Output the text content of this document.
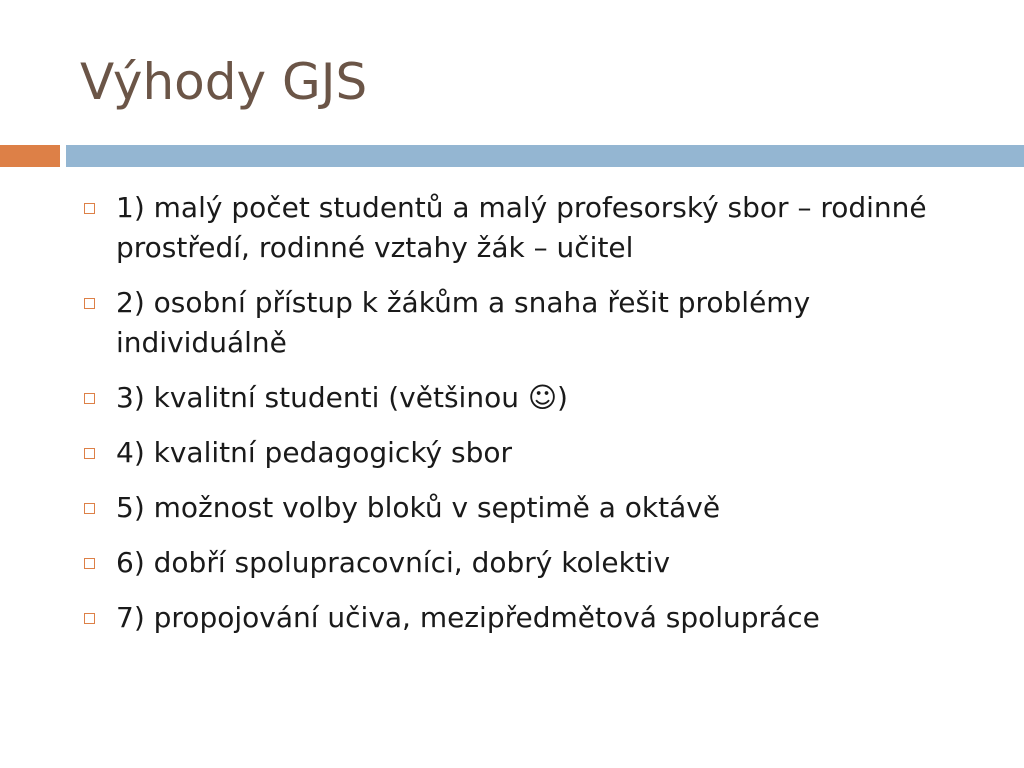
Výhody GJS
1) malý počet studentů a malý profesorský sbor – rodinné prostředí, rodinné vztahy žák – učitel
2) osobní přístup k žákům a snaha řešit problémy individuálně
3) kvalitní studenti (většinou ☺)
4) kvalitní pedagogický sbor
5) možnost volby bloků v septimě a oktávě
6) dobří spolupracovníci, dobrý kolektiv
7) propojování učiva, mezipředmětová spolupráce
